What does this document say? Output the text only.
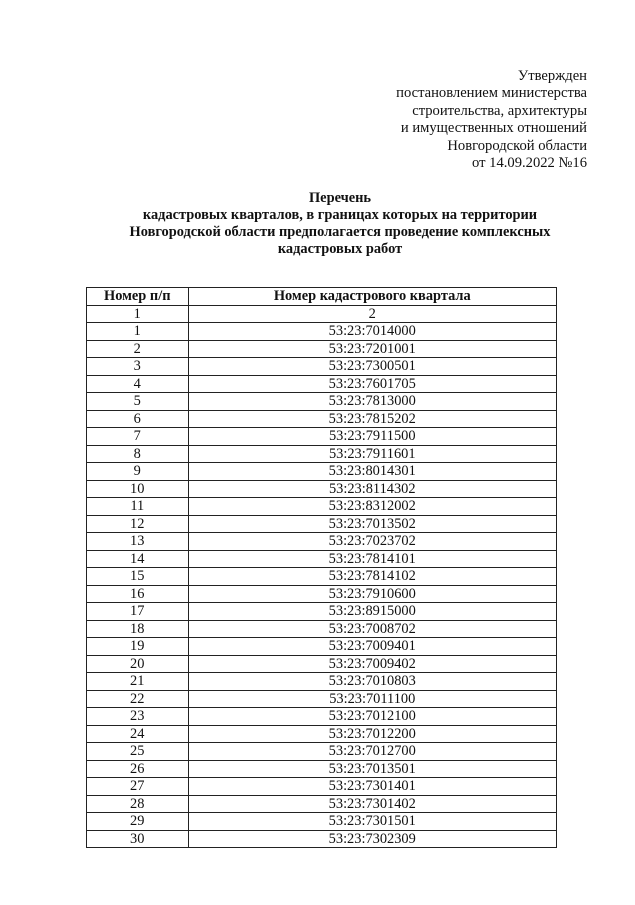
Утвержден
постановлением министерства
строительства, архитектуры
и имущественных отношений
Новгородской области
от 14.09.2022 №16
Перечень
кадастровых кварталов, в границах которых на территории
Новгородской области предполагается проведение комплексных
кадастровых работ
Номер п/п	Номер кадастрового квартала
1	2
1	53:23:7014000
2	53:23:7201001
3	53:23:7300501
4	53:23:7601705
5	53:23:7813000
6	53:23:7815202
7	53:23:7911500
8	53:23:7911601
9	53:23:8014301
10	53:23:8114302
11	53:23:8312002
12	53:23:7013502
13	53:23:7023702
14	53:23:7814101
15	53:23:7814102
16	53:23:7910600
17	53:23:8915000
18	53:23:7008702
19	53:23:7009401
20	53:23:7009402
21	53:23:7010803
22	53:23:7011100
23	53:23:7012100
24	53:23:7012200
25	53:23:7012700
26	53:23:7013501
27	53:23:7301401
28	53:23:7301402
29	53:23:7301501
30	53:23:7302309
